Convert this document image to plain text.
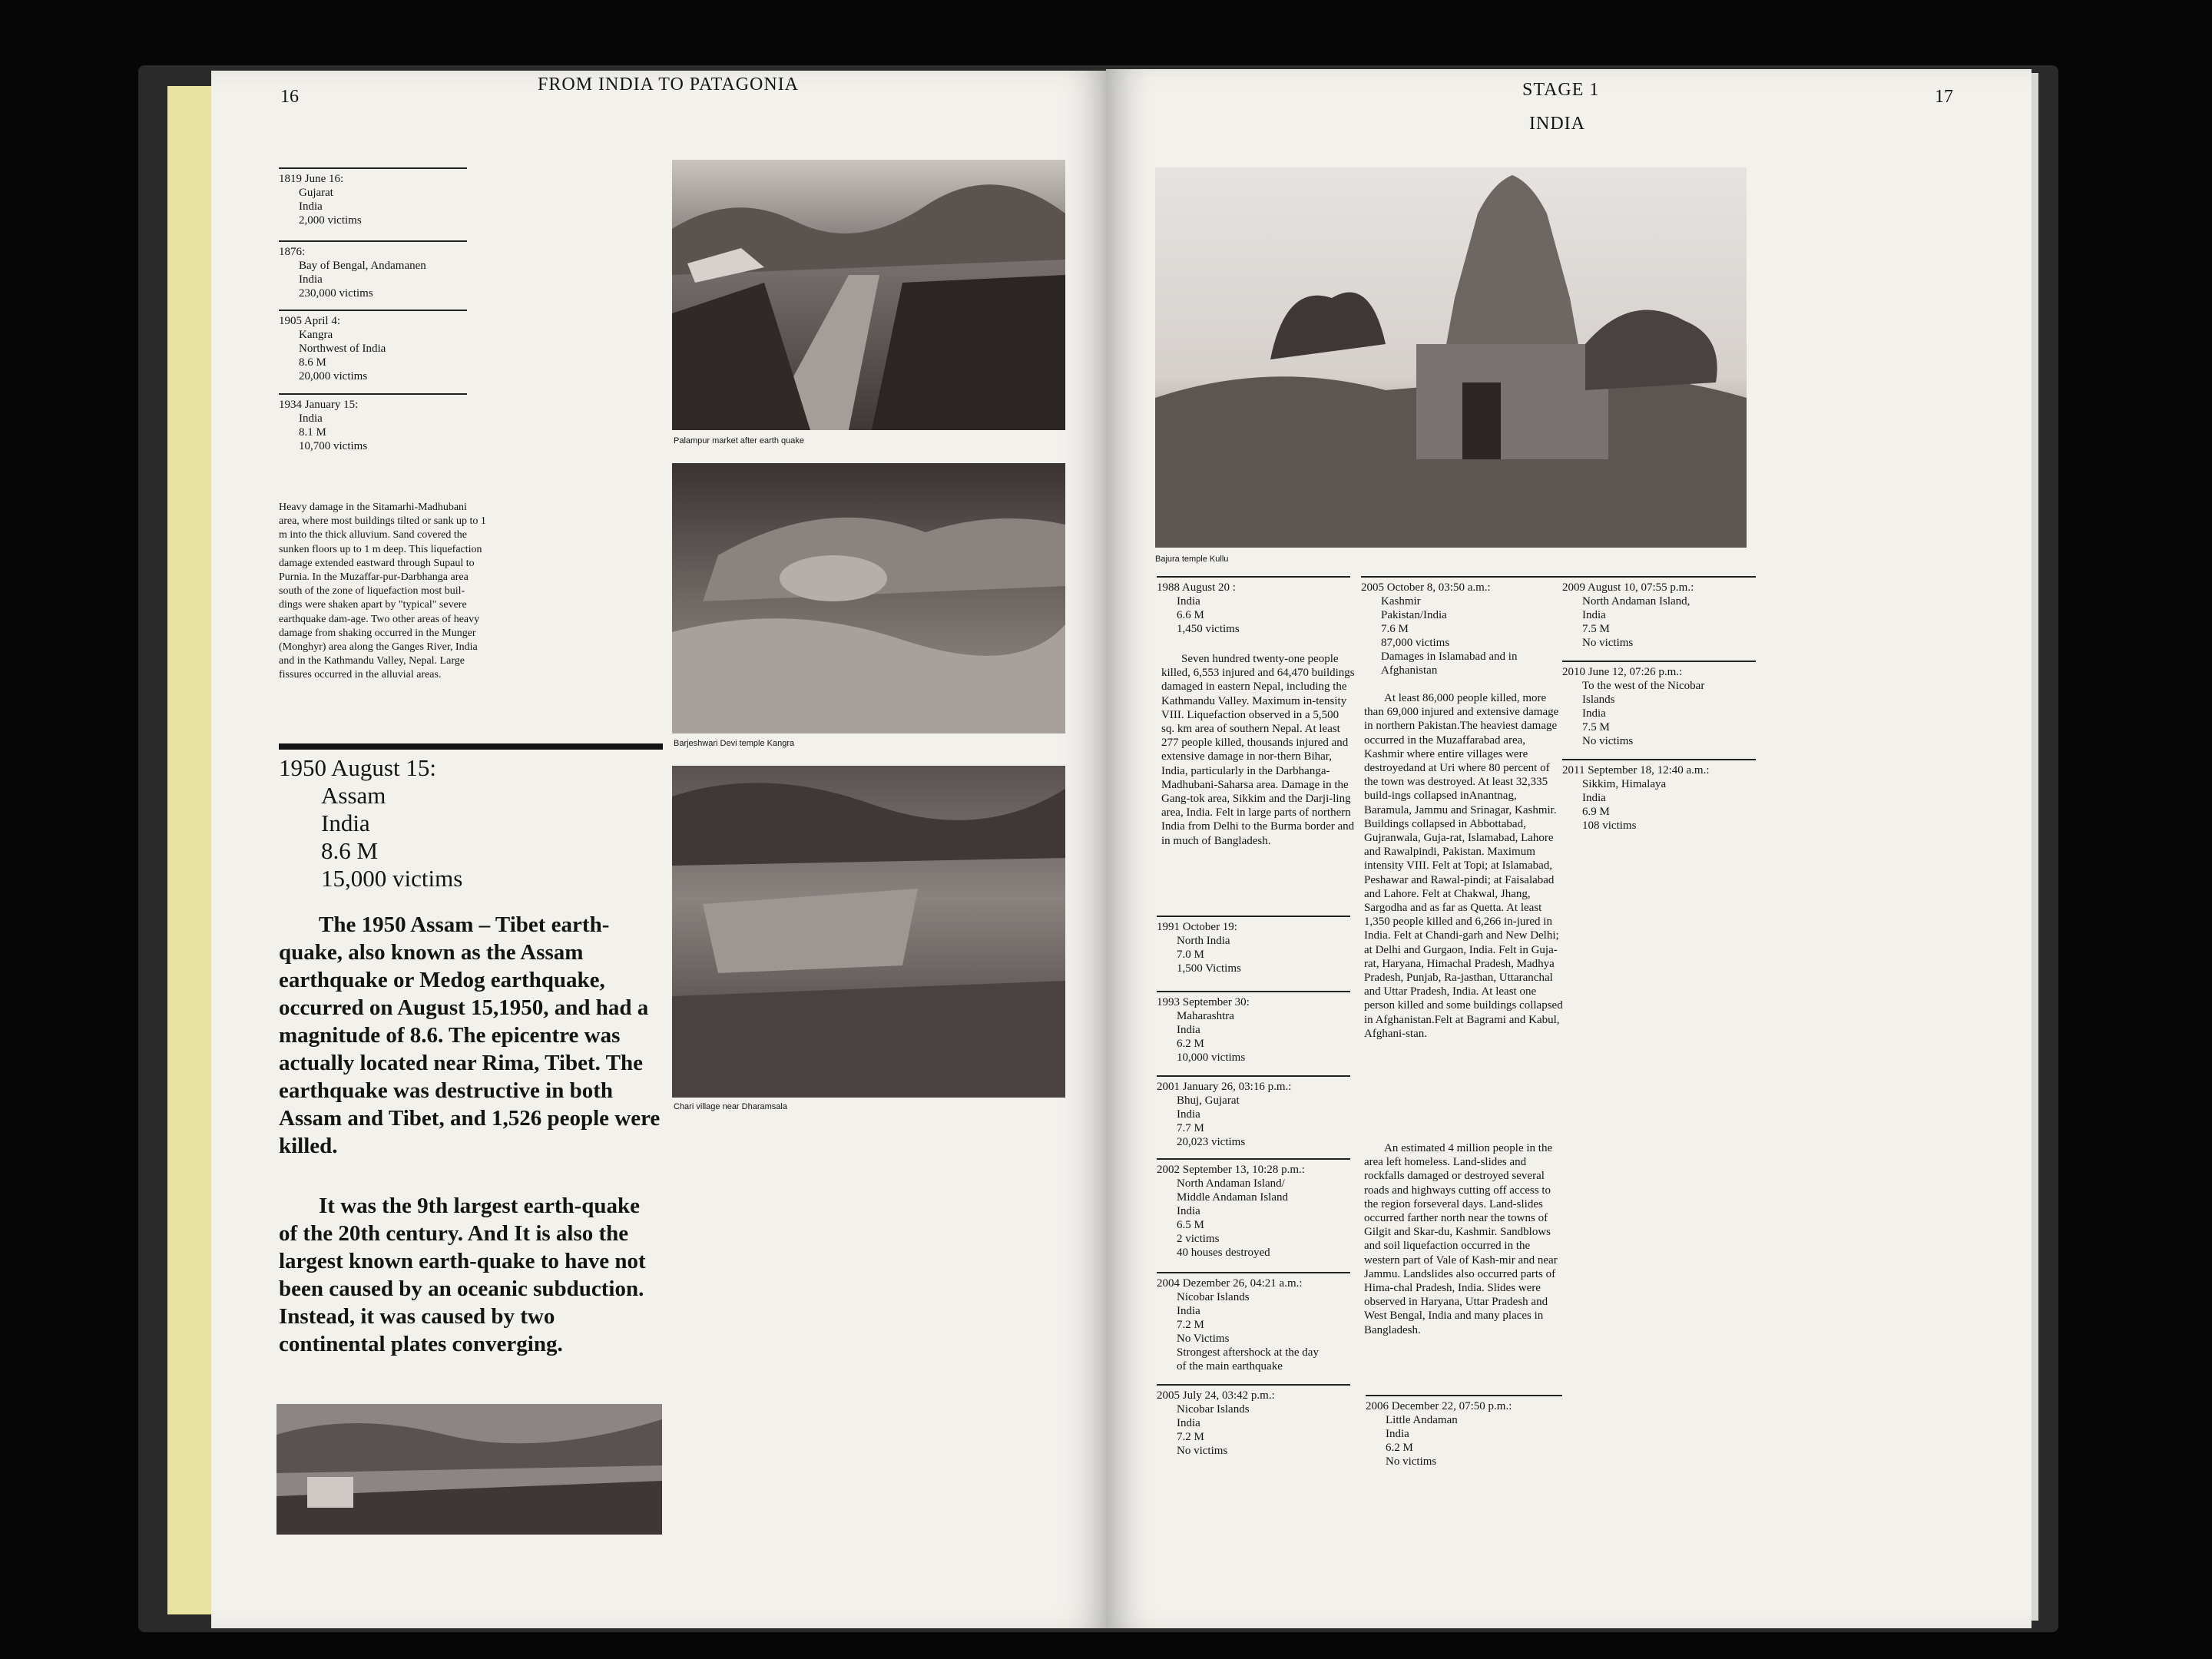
16
FROM INDIA TO PATAGONIA
1819 June 16:
Gujarat
India
2,000 victims
1876:
Bay of Bengal, Andamanen
India
230,000 victims
1905 April 4:
Kangra
Northwest of India
8.6 M
20,000 victims
1934 January 15:
India
8.1 M
10,700 victims
Heavy damage in the Sitamarhi-Madhubani area, where most buildings tilted or sank up to 1 m into the thick alluvium. Sand covered the sunken floors up to 1 m deep. This liquefaction damage extended eastward through Supaul to Purnia. In the Muzaffar-pur-Darbhanga area south of the zone of liquefaction most buil-dings were shaken apart by "typical" severe earthquake dam-age. Two other areas of heavy damage from shaking occurred in the Munger (Monghyr) area along the Ganges River, India and in the Kathmandu Valley, Nepal. Large fissures occurred in the alluvial areas.
1950 August 15:
Assam
India
8.6 M
15,000 victims
The 1950 Assam – Tibet earth-quake, also known as the Assam earthquake or Medog earthquake, occurred on August 15,1950, and had a magnitude of 8.6. The epicentre was actually located near Rima, Tibet. The earthquake was destructive in both Assam and Tibet, and 1,526 people were killed.
It was the 9th largest earth-quake of the 20th century. And It is also the largest known earth-quake to have not been caused by an oceanic subduction. Instead, it was caused by two continental plates converging.
Palampur market after earth quake
Barjeshwari Devi temple Kangra
Chari village near Dharamsala
STAGE 1
INDIA
17
Bajura temple Kullu
1988 August 20 :
India
6.6 M
1,450 victims
Seven hundred twenty-one people killed, 6,553 injured and 64,470 buildings damaged in eastern Nepal, including the Kathmandu Valley. Maximum in-tensity VIII. Liquefaction observed in a 5,500 sq. km area of southern Nepal. At least 277 people killed, thousands injured and extensive damage in nor-thern Bihar, India, particularly in the Darbhanga-Madhubani-Saharsa area. Damage in the Gang-tok area, Sikkim and the Darji-ling area, India. Felt in large parts of northern India from Delhi to the Burma border and in much of Bangladesh.
1991 October 19:
North India
7.0 M
1,500 Victims
1993 September 30:
Maharashtra
India
6.2 M
10,000 victims
2001 January 26, 03:16 p.m.:
Bhuj, Gujarat
India
7.7 M
20,023 victims
2002 September 13, 10:28 p.m.:
North Andaman Island/
Middle Andaman Island
India
6.5 M
2 victims
40 houses destroyed
2004 Dezember 26, 04:21 a.m.:
Nicobar Islands
India
7.2 M
No Victims
Strongest aftershock at the day
of the main earthquake
2005 July 24, 03:42 p.m.:
Nicobar Islands
India
7.2 M
No victims
2005 October 8, 03:50 a.m.:
Kashmir
Pakistan/India
7.6 M
87,000 victims
Damages in Islamabad and in
Afghanistan
At least 86,000 people killed, more than 69,000 injured and extensive damage in northern Pakistan.The heaviest damage occurred in the Muzaffarabad area, Kashmir where entire villages were destroyedand at Uri where 80 percent of the town was destroyed. At least 32,335 build-ings collapsed inAnantnag, Baramula, Jammu and Srinagar, Kashmir. Buildings collapsed in Abbottabad, Gujranwala, Guja-rat, Islamabad, Lahore and Rawalpindi, Pakistan. Maximum intensity VIII. Felt at Topi; at Islamabad, Peshawar and Rawal-pindi; at Faisalabad and Lahore. Felt at Chakwal, Jhang, Sargodha and as far as Quetta. At least 1,350 people killed and 6,266 in-jured in India. Felt at Chandi-garh and New Delhi; at Delhi and Gurgaon, India. Felt in Guja-rat, Haryana, Himachal Pradesh, Madhya Pradesh, Punjab, Ra-jasthan, Uttaranchal and Uttar Pradesh, India. At least one person killed and some buildings collapsed in Afghanistan.Felt at Bagrami and Kabul, Afghani-stan.
An estimated 4 million people in the area left homeless. Land-slides and rockfalls damaged or destroyed several roads and highways cutting off access to the region forseveral days. Land-slides occurred farther north near the towns of Gilgit and Skar-du, Kashmir. Sandblows and soil liquefaction occurred in the western part of Vale of Kash-mir and near Jammu. Landslides also occurred parts of Hima-chal Pradesh, India. Slides were observed in Haryana, Uttar Pradesh and West Bengal, India and many places in Bangladesh.
2006 December 22, 07:50 p.m.:
Little Andaman
India
6.2 M
No victims
2009 August 10, 07:55 p.m.:
North Andaman Island,
India
7.5 M
No victims
2010 June 12, 07:26 p.m.:
To the west of the Nicobar
Islands
India
7.5 M
No victims
2011 September 18, 12:40 a.m.:
Sikkim, Himalaya
India
6.9 M
108 victims
